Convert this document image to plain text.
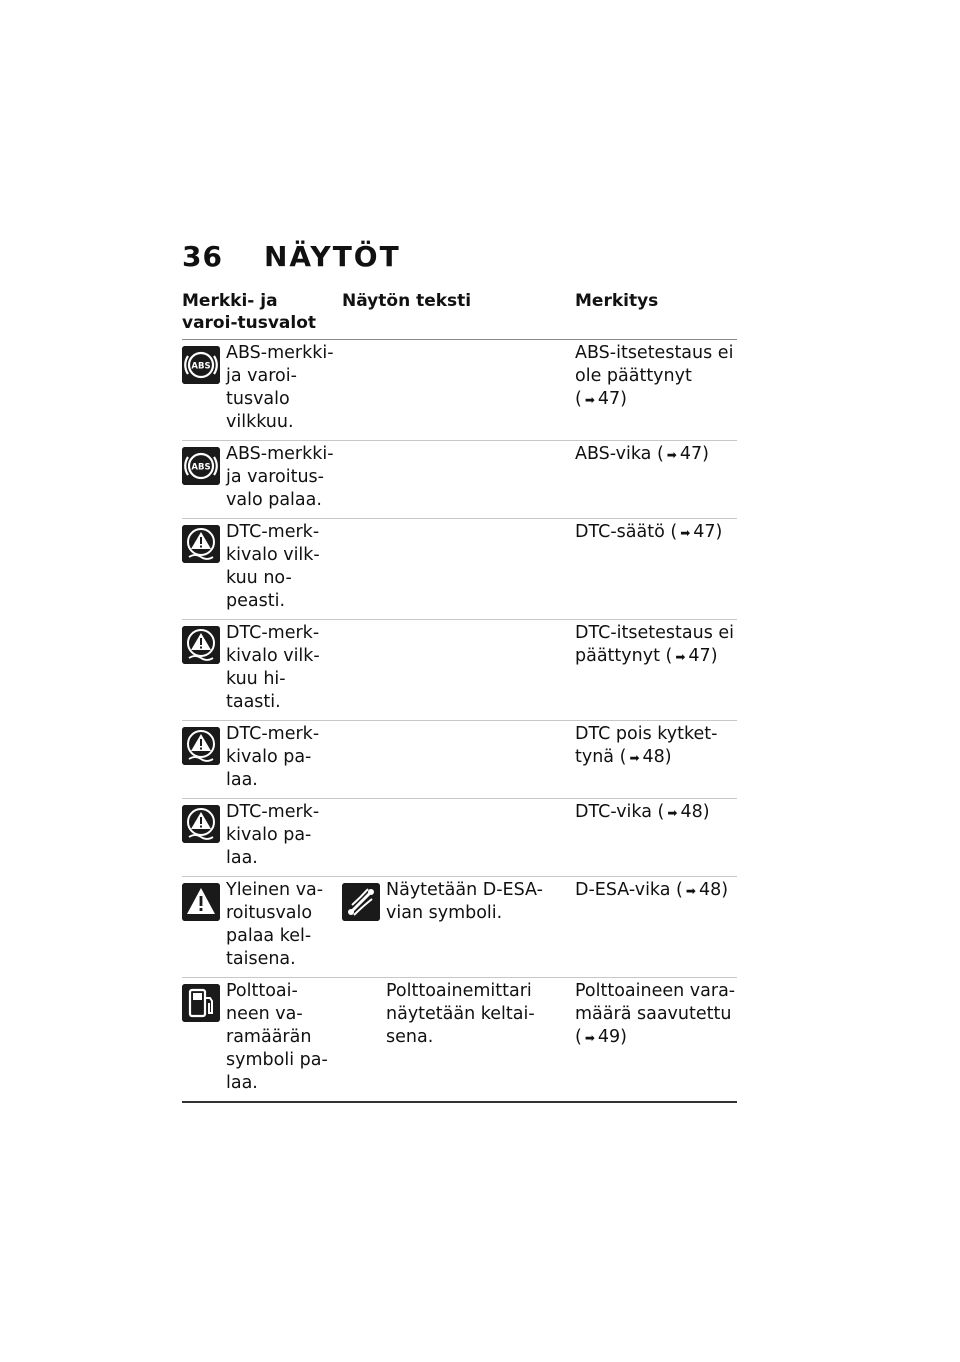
36	NÄYTÖT
Merkki- ja varoi-tusvalot
Näytön teksti	Merkitys
ABS
ABS-merkki- ja varoi-tusvalo vilkkuu.
ABS-itsetestaus ei ole päättynyt ( ➡ 47)
ABS
ABS-merkki- ja varoitus-valo palaa.
ABS-vika ( ➡ 47)
DTC-merk-kivalo vilk-kuu no-peasti.
DTC-säätö ( ➡ 47)
DTC-merk-kivalo vilk-kuu hi-taasti.
DTC-itsetestaus ei päättynyt ( ➡ 47)
DTC-merk-kivalo pa-laa.
DTC pois kytket-tynä ( ➡ 48)
DTC-merk-kivalo pa-laa.
DTC-vika ( ➡ 48)
Yleinen va-roitusvalo palaa kel-taisena.
Näytetään D-ESA-vian symboli.
D-ESA-vika ( ➡ 48)
Polttoai-neen va-ramäärän symboli pa-laa.
Polttoainemittari näytetään keltai-sena.
Polttoaineen vara-määrä saavutettu ( ➡ 49)
